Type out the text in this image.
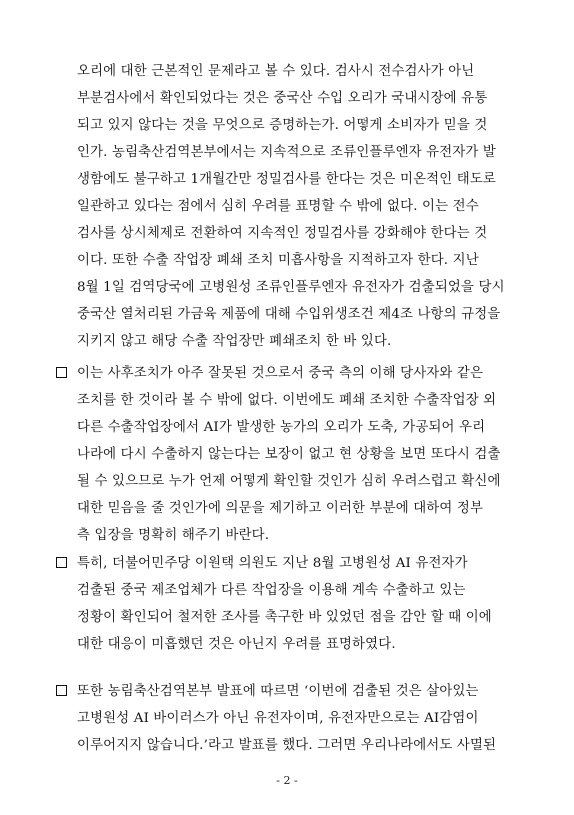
오리에 대한 근본적인 문제라고 볼 수 있다. 검사시 전수검사가 아닌
부분검사에서 확인되었다는 것은 중국산 수입 오리가 국내시장에 유통
되고 있지 않다는 것을 무엇으로 증명하는가. 어떻게 소비자가 믿을 것
인가. 농림축산검역본부에서는 지속적으로 조류인플루엔자 유전자가 발
생함에도 불구하고 1개월간만 정밀검사를 한다는 것은 미온적인 태도로
일관하고 있다는 점에서 심히 우려를 표명할 수 밖에 없다. 이는 전수
검사를 상시체제로 전환하여 지속적인 정밀검사를 강화해야 한다는 것
이다. 또한 수출 작업장 폐쇄 조치 미흡사항을 지적하고자 한다. 지난
8월 1일 검역당국에 고병원성 조류인플루엔자 유전자가 검출되었을 당시
중국산 열처리된 가금육 제품에 대해 수입위생조건 제4조 나항의 규정을
지키지 않고 해당 수출 작업장만 폐쇄조치 한 바 있다.
이는 사후조치가 아주 잘못된 것으로서 중국 측의 이해 당사자와 같은
조치를 한 것이라 볼 수 밖에 없다. 이번에도 폐쇄 조치한 수출작업장 외
다른 수출작업장에서 AI가 발생한 농가의 오리가 도축, 가공되어 우리
나라에 다시 수출하지 않는다는 보장이 없고 현 상황을 보면 또다시 검출
될 수 있으므로 누가 언제 어떻게 확인할 것인가 심히 우려스럽고 확신에
대한 믿음을 줄 것인가에 의문을 제기하고 이러한 부분에 대하여 정부
측 입장을 명확히 해주기 바란다.
특히, 더불어민주당 이원택 의원도 지난 8월 고병원성 AI 유전자가
검출된 중국 제조업체가 다른 작업장을 이용해 계속 수출하고 있는
정황이 확인되어 철저한 조사를 촉구한 바 있었던 점을 감안 할 때 이에
대한 대응이 미흡했던 것은 아닌지 우려를 표명하였다.
또한 농림축산검역본부 발표에 따르면 ‘이번에 검출된 것은 살아있는
고병원성 AI 바이러스가 아닌 유전자이며, 유전자만으로는 AI감염이
이루어지지 않습니다.’라고 발표를 했다. 그러면 우리나라에서도 사멸된
- 2 -
